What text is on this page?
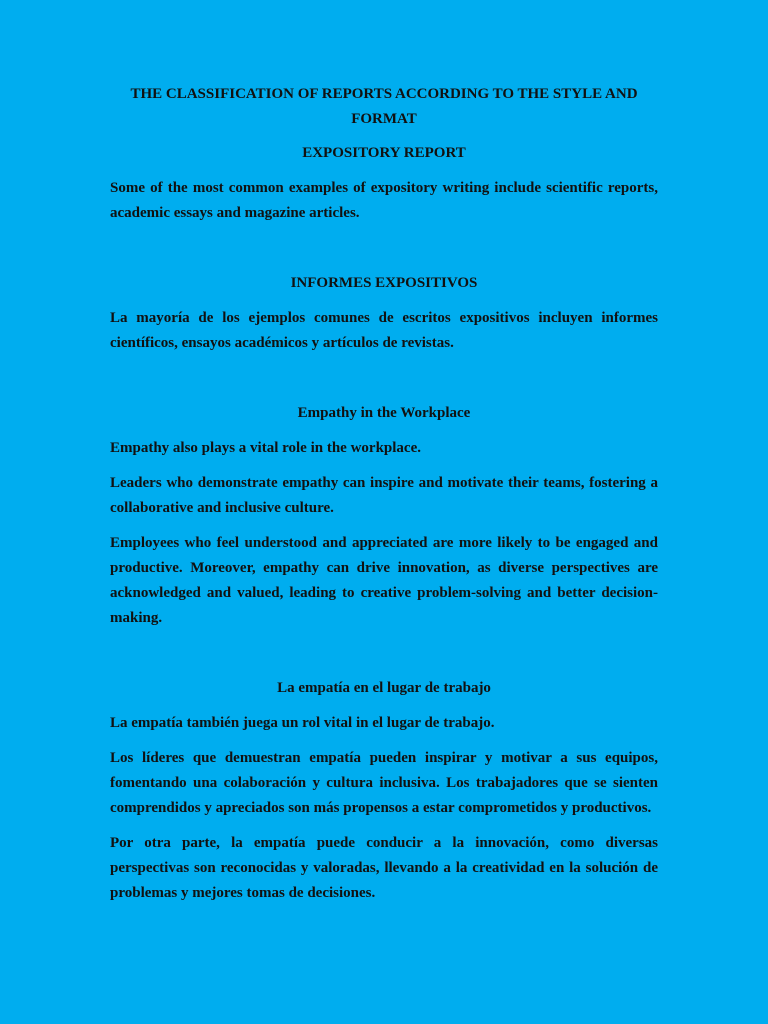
THE CLASSIFICATION OF REPORTS ACCORDING TO THE STYLE AND FORMAT
EXPOSITORY REPORT
Some of the most common examples of expository writing include scientific reports, academic essays and magazine articles.
INFORMES EXPOSITIVOS
La mayoría de los ejemplos comunes de escritos expositivos incluyen informes científicos, ensayos académicos y artículos de revistas.
Empathy in the Workplace
Empathy also plays a vital role in the workplace.
Leaders who demonstrate empathy can inspire and motivate their teams, fostering a collaborative and inclusive culture.
Employees who feel understood and appreciated are more likely to be engaged and productive. Moreover, empathy can drive innovation, as diverse perspectives are acknowledged and valued, leading to creative problem-solving and better decision-making.
La empatía en el lugar de trabajo
La empatía también juega un rol vital in el lugar de trabajo.
Los líderes que demuestran empatía pueden inspirar y motivar a sus equipos, fomentando una colaboración y cultura inclusiva. Los trabajadores que se sienten comprendidos y apreciados son más propensos a estar comprometidos y productivos.
Por otra parte, la empatía puede conducir a la innovación, como diversas perspectivas son reconocidas y valoradas, llevando a la creatividad en la solución de problemas y mejores tomas de decisiones.
